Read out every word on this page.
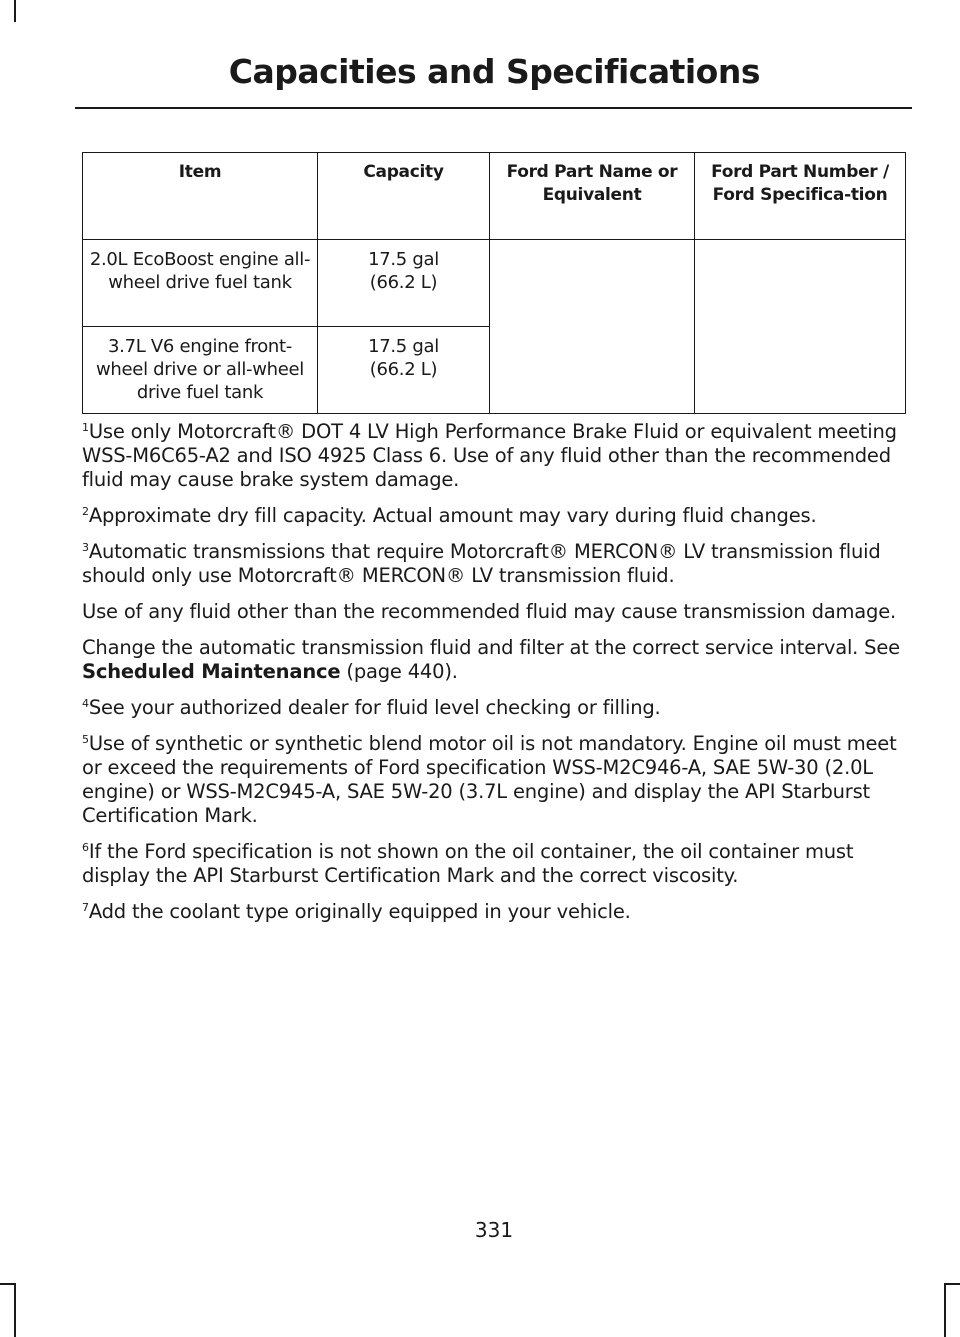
Capacities and Specifications
Item	Capacity	Ford Part Name or Equivalent	Ford Part Number / Ford Specifica-tion
2.0L EcoBoost engine all-wheel drive fuel tank	17.5 gal
(66.2 L)		

3.7L V6 engine front-wheel drive or all-wheel drive fuel tank	17.5 gal
(66.2 L)		

$^1$Use only Motorcraft® DOT 4 LV High Performance Brake Fluid or equivalent meeting WSS-M6C65-A2 and ISO 4925 Class 6. Use of any fluid other than the recommended fluid may cause brake system damage.

$^2$Approximate dry fill capacity. Actual amount may vary during fluid changes.

$^3$Automatic transmissions that require Motorcraft® MERCON® LV transmission fluid should only use Motorcraft® MERCON® LV transmission fluid.

Use of any fluid other than the recommended fluid may cause transmission damage.

Change the automatic transmission fluid and filter at the correct service interval. See Scheduled Maintenance (page 440).

$^4$See your authorized dealer for fluid level checking or filling.

$^5$Use of synthetic or synthetic blend motor oil is not mandatory. Engine oil must meet or exceed the requirements of Ford specification WSS-M2C946-A, SAE 5W-30 (2.0L engine) or WSS-M2C945-A, SAE 5W-20 (3.7L engine) and display the API Starburst Certification Mark.

$^6$If the Ford specification is not shown on the oil container, the oil container must display the API Starburst Certification Mark and the correct viscosity.

$^7$Add the coolant type originally equipped in your vehicle.

331
